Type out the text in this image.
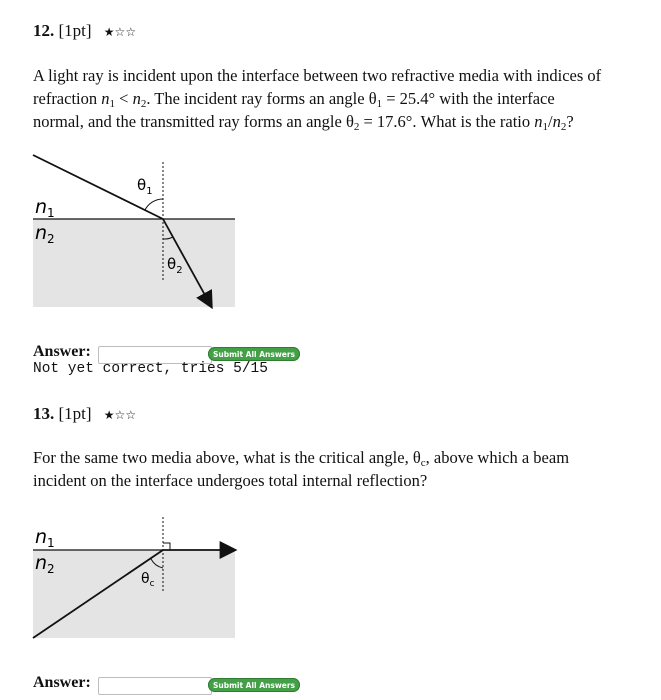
12. [1pt] ★☆☆
A light ray is incident upon the interface between two refractive media with indices of
refraction $n_1 < n_2$. The incident ray forms an angle $\theta_1 = 25.4^\circ$ with the interface
normal, and the transmitted ray forms an angle $\theta_2 = 17.6^\circ$. What is the ratio $n_1/n_2$?
$\theta_1$
$\theta_2$
$n_1$
$n_2$
Answer:	Submit All Answers
Not yet correct, tries 5/15
13. [1pt] ★☆☆
For the same two media above, what is the critical angle, $\theta_c$, above which a beam
incident on the interface undergoes total internal reflection?
$\theta_c$
$n_1$
$n_2$
Answer:	Submit All Answers
